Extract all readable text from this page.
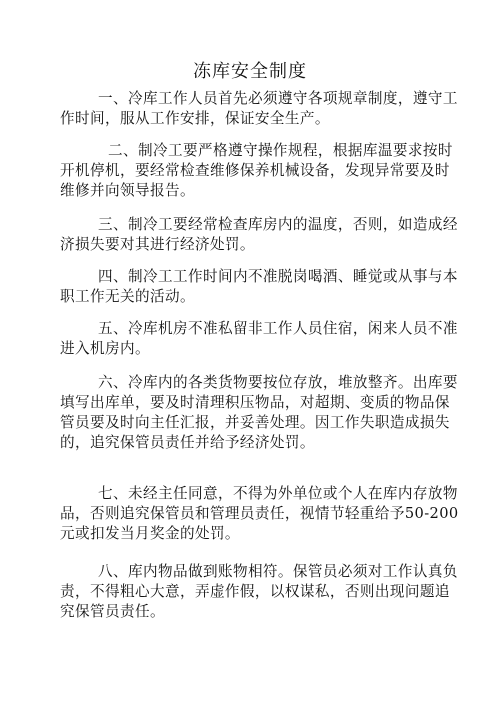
冻库安全制度
一、冷库工作人员首先必须遵守各项规章制度，遵守工
作时间，服从工作安排，保证安全生产。
二、制冷工要严格遵守操作规程，根据库温要求按时
开机停机，要经常检查维修保养机械设备，发现异常要及时
维修并向领导报告。
三、制冷工要经常检查库房内的温度，否则，如造成经
济损失要对其进行经济处罚。
四、制冷工工作时间内不准脱岗喝酒、睡觉或从事与本
职工作无关的活动。
五、冷库机房不准私留非工作人员住宿，闲来人员不准
进入机房内。
六、冷库内的各类货物要按位存放，堆放整齐。出库要
填写出库单，要及时清理积压物品，对超期、变质的物品保
管员要及时向主任汇报，并妥善处理。因工作失职造成损失
的，追究保管员责任并给予经济处罚。
七、未经主任同意，不得为外单位或个人在库内存放物
品，否则追究保管员和管理员责任，视情节轻重给予50-200
元或扣发当月奖金的处罚。
八、库内物品做到账物相符。保管员必须对工作认真负
责，不得粗心大意，弄虚作假，以权谋私，否则出现问题追
究保管员责任。
